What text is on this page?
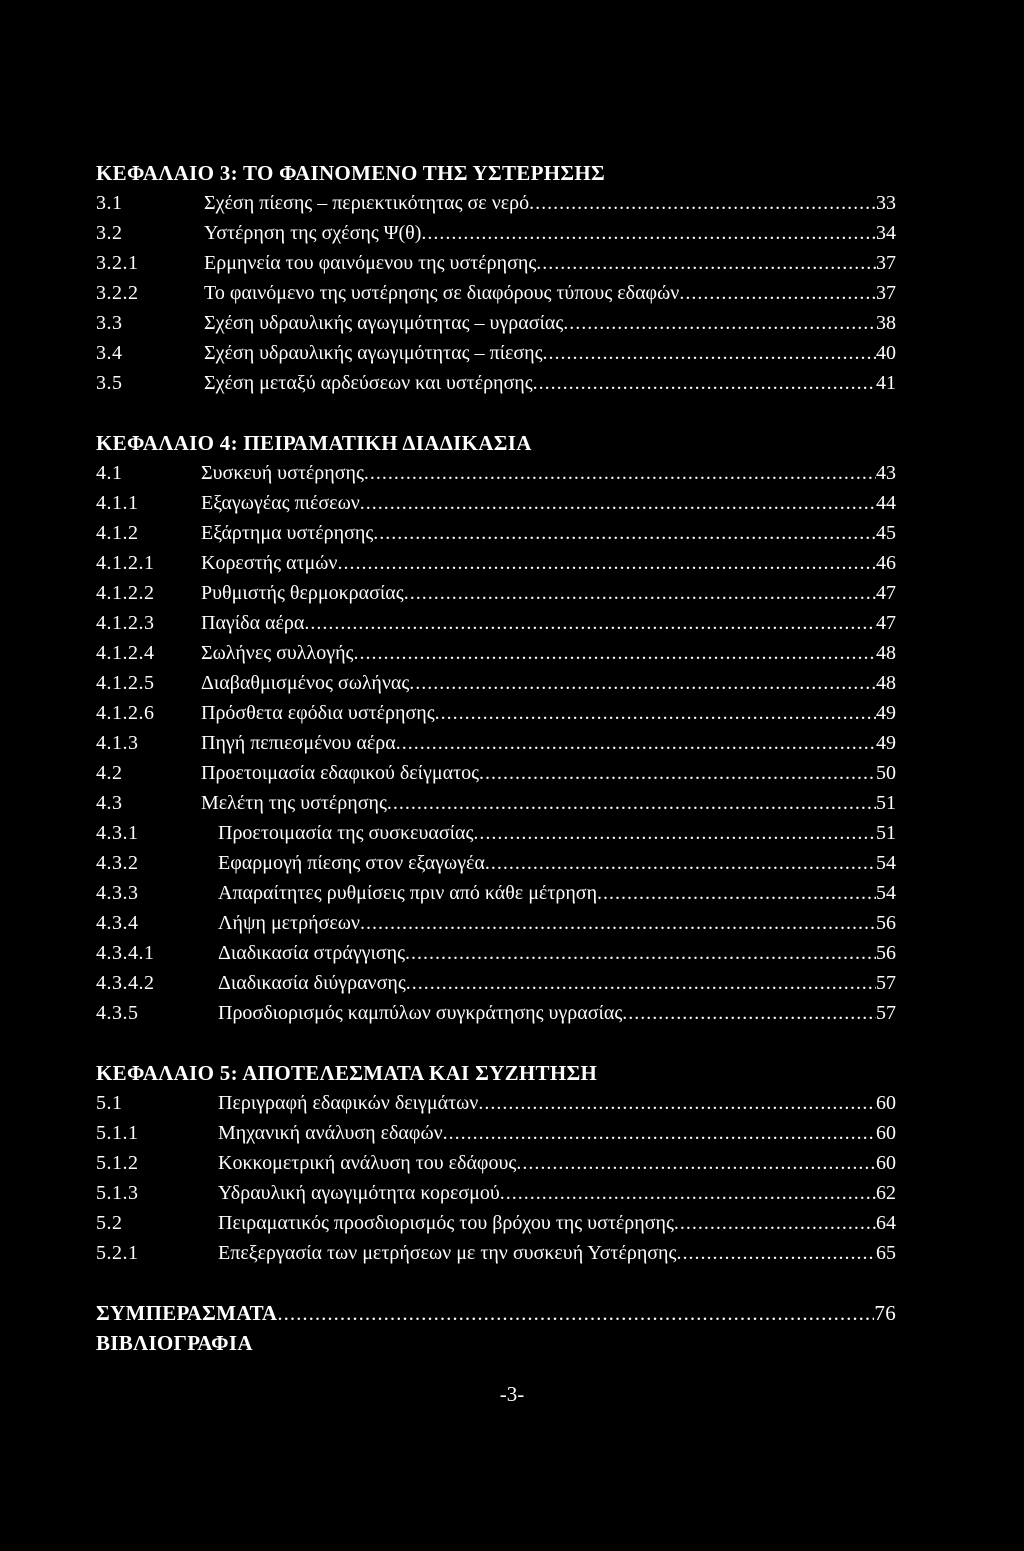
ΚΕΦΑΛΑΙΟ 3: ΤΟ ΦΑΙΝΟΜΕΝΟ ΤΗΣ ΥΣΤΕΡΗΣΗΣ
3.1	Σχέση πίεσης – περιεκτικότητας σε νερό .....	33
3.2	Υστέρηση της σχέσης Ψ(θ) .....	34
3.2.1	Ερμηνεία του φαινόμενου της υστέρησης .....	37
3.2.2	Το φαινόμενο της υστέρησης σε διαφόρους τύπους εδαφών .....	37
3.3	Σχέση υδραυλικής αγωγιμότητας – υγρασίας .....	38
3.4	Σχέση υδραυλικής αγωγιμότητας – πίεσης .....	40
3.5	Σχέση μεταξύ αρδεύσεων και υστέρησης .....	41
ΚΕΦΑΛΑΙΟ 4: ΠΕΙΡΑΜΑΤΙΚΗ ΔΙΑΔΙΚΑΣΙΑ
4.1	Συσκευή υστέρησης .....	43
4.1.1	Εξαγωγέας πιέσεων .....	44
4.1.2	Εξάρτημα υστέρησης .....	45
4.1.2.1	Κορεστής ατμών .....	46
4.1.2.2	Ρυθμιστής θερμοκρασίας .....	47
4.1.2.3	Παγίδα αέρα .....	47
4.1.2.4	Σωλήνες συλλογής .....	48
4.1.2.5	Διαβαθμισμένος σωλήνας .....	48
4.1.2.6	Πρόσθετα εφόδια υστέρησης .....	49
4.1.3	Πηγή πεπιεσμένου αέρα .....	49
4.2	Προετοιμασία εδαφικού δείγματος .....	50
4.3	Μελέτη της υστέρησης .....	51
4.3.1	Προετοιμασία της συσκευασίας .....	51
4.3.2	Εφαρμογή πίεσης στον εξαγωγέα .....	54
4.3.3	Απαραίτητες ρυθμίσεις πριν από κάθε μέτρηση .....	54
4.3.4	Λήψη μετρήσεων .....	56
4.3.4.1	Διαδικασία στράγγισης .....	56
4.3.4.2	Διαδικασία διύγρανσης .....	57
4.3.5	Προσδιορισμός καμπύλων συγκράτησης υγρασίας .....	57
ΚΕΦΑΛΑΙΟ 5: ΑΠΟΤΕΛΕΣΜΑΤΑ ΚΑΙ ΣΥΖΗΤΗΣΗ
5.1	Περιγραφή εδαφικών δειγμάτων .....	60
5.1.1	Μηχανική ανάλυση εδαφών .....	60
5.1.2	Κοκκομετρική ανάλυση του εδάφους .....	60
5.1.3	Υδραυλική αγωγιμότητα κορεσμού .....	62
5.2	Πειραματικός προσδιορισμός του βρόχου της υστέρησης .....	64
5.2.1	Επεξεργασία των μετρήσεων με την συσκευή Υστέρησης .....	65
ΣΥΜΠΕΡΑΣΜΑΤΑ .....	76
ΒΙΒΛΙΟΓΡΑΦΙΑ
-3-
